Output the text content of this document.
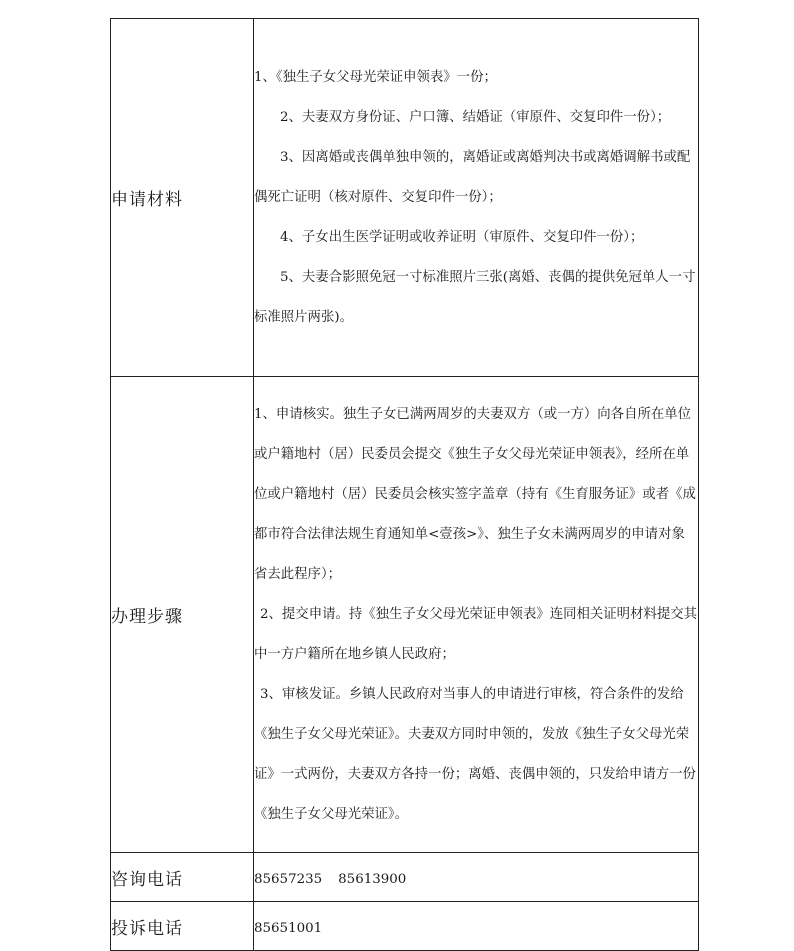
申请材料	1、《独生子女父母光荣证申领表》一份；

2、夫妻双方身份证、户口簿、结婚证（审原件、交复印件一份）；

3、因离婚或丧偶单独申领的，离婚证或离婚判决书或离婚调解书或配偶死亡证明（核对原件、交复印件一份）；

4、子女出生医学证明或收养证明（审原件、交复印件一份）；

5、夫妻合影照免冠一寸标准照片三张(离婚、丧偶的提供免冠单人一寸标准照片两张)。

办理步骤	1、申请核实。独生子女已满两周岁的夫妻双方（或一方）向各自所在单位或户籍地村（居）民委员会提交《独生子女父母光荣证申领表》，经所在单位或户籍地村（居）民委员会核实签字盖章（持有《生育服务证》或者《成都市符合法律法规生育通知单<壹孩>》、独生子女未满两周岁的申请对象省去此程序）；

2、提交申请。持《独生子女父母光荣证申领表》连同相关证明材料提交其中一方户籍所在地乡镇人民政府；

3、审核发证。乡镇人民政府对当事人的申请进行审核，符合条件的发给《独生子女父母光荣证》。夫妻双方同时申领的，发放《独生子女父母光荣证》一式两份，夫妻双方各持一份；离婚、丧偶申领的，只发给申请方一份《独生子女父母光荣证》。

咨询电话	85657235 85613900
投诉电话	85651001
